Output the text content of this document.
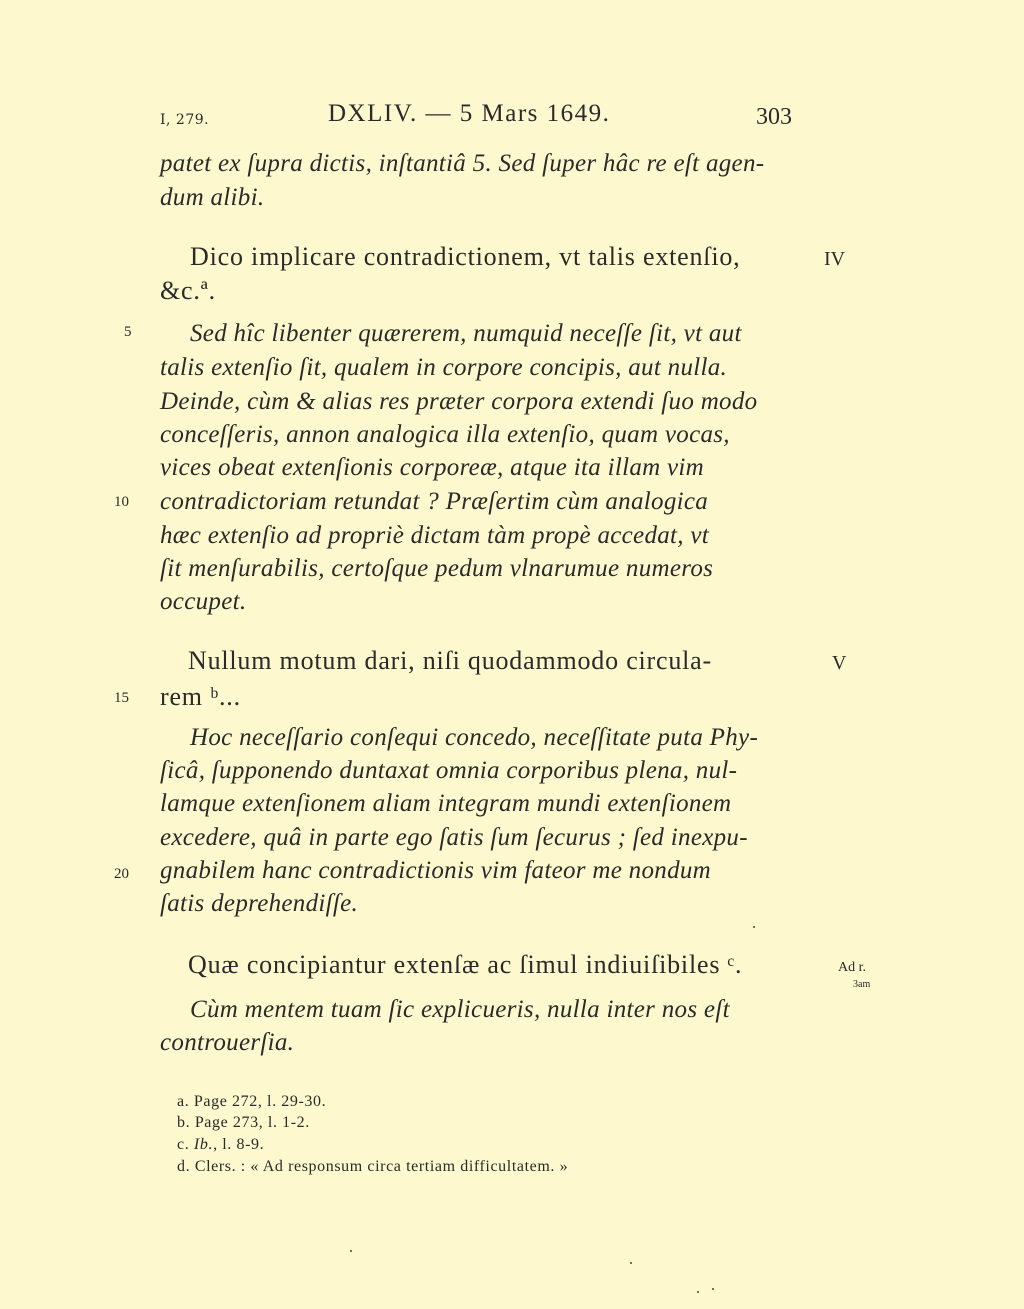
I, 279.	DXLIV. — 5 Mars 1649.	303
patet ex ſupra dictis, inſtantiâ 5. Sed ſuper hâc re eſt agen-
dum alibi.
Dico implicare contradictionem, vt talis extenſio,
&c.ª.
Sed hîc libenter quærerem, numquid neceſſe ſit, vt aut
talis extenſio ſit, qualem in corpore concipis, aut nulla.
Deinde, cùm & alias res præter corpora extendi ſuo modo
conceſſeris, annon analogica illa extenſio, quam vocas,
vices obeat extenſionis corporeæ, atque ita illam vim
contradictoriam retundat ? Præſertim cùm analogica
hæc extenſio ad propriè dictam tàm propè accedat, vt
ſit menſurabilis, certoſque pedum vlnarumue numeros
occupet.
Nullum motum dari, niſi quodammodo circula-
rem ᵇ...
Hoc neceſſario conſequi concedo, neceſſitate puta Phy-
ſicâ, ſupponendo duntaxat omnia corporibus plena, nul-
lamque extenſionem aliam integram mundi extenſionem
excedere, quâ in parte ego ſatis ſum ſecurus ; ſed inexpu-
gnabilem hanc contradictionis vim fateor me nondum
ſatis deprehendiſſe.
Quæ concipiantur extenſæ ac ſimul indiuiſibiles ᶜ.
Cùm mentem tuam ſic explicueris, nulla inter nos eſt
controuerſia.
5
10
15
20
IV
V
Ad r.
3am
a. Page 272, l. 29-30.
b. Page 273, l. 1-2.
c. Ib., l. 8-9.
d. Clers. : « Ad responsum circa tertiam difficultatem. »
